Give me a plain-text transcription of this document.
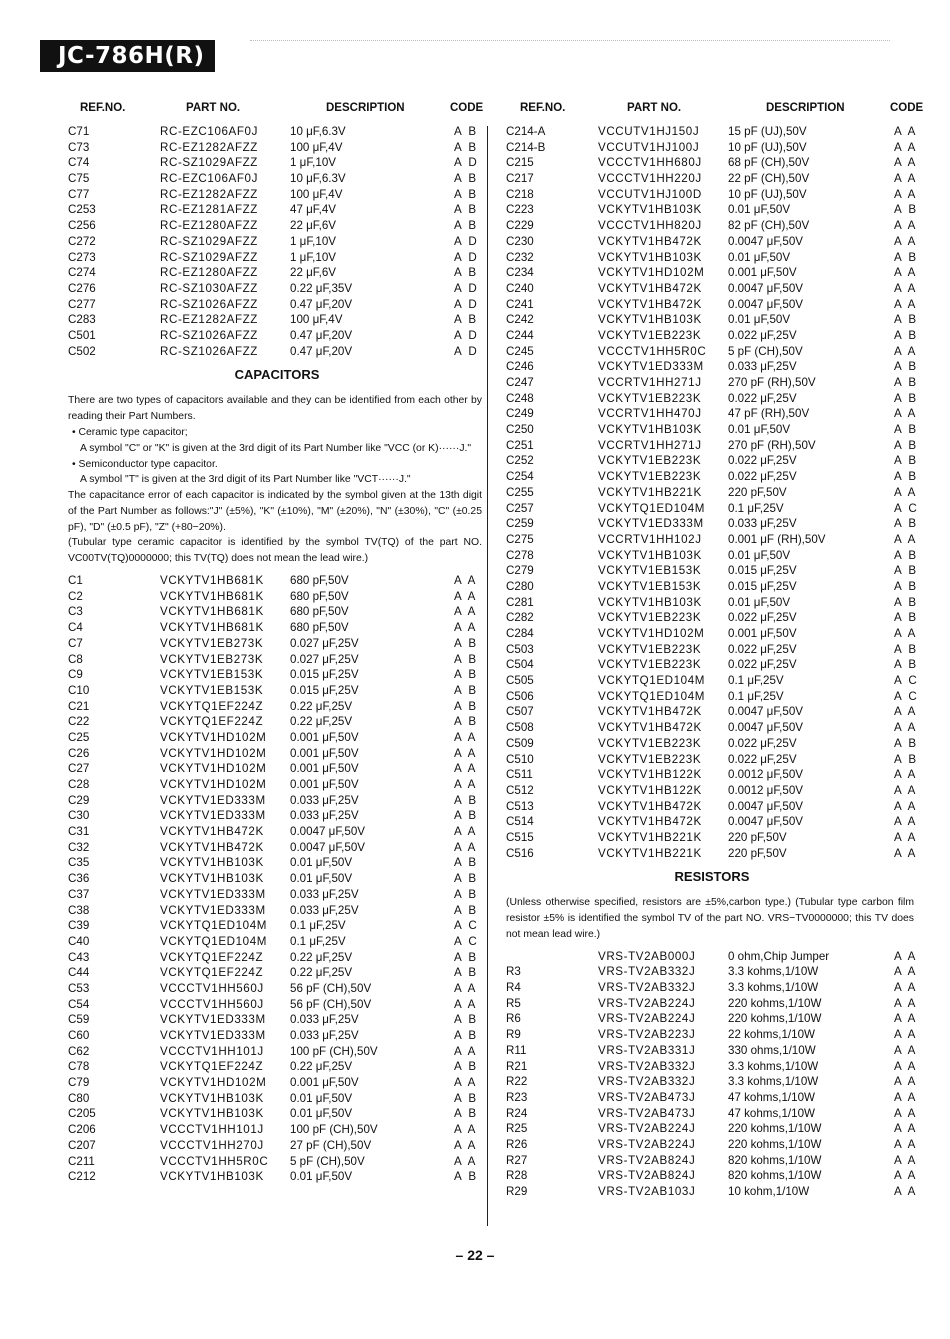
JC-786H(R)
REF.NO.	PART NO.	DESCRIPTION	CODE
C71	RC-EZC106AF0J	10 μF,6.3V	A B
C73	RC-EZ1282AFZZ	100 μF,4V	A B
C74	RC-SZ1029AFZZ	1 μF,10V	A D
C75	RC-EZC106AF0J	10 μF,6.3V	A B
C77	RC-EZ1282AFZZ	100 μF,4V	A B
C253	RC-EZ1281AFZZ	47 μF,4V	A B
C256	RC-EZ1280AFZZ	22 μF,6V	A B
C272	RC-SZ1029AFZZ	1 μF,10V	A D
C273	RC-SZ1029AFZZ	1 μF,10V	A D
C274	RC-EZ1280AFZZ	22 μF,6V	A B
C276	RC-SZ1030AFZZ	0.22 μF,35V	A D
C277	RC-SZ1026AFZZ	0.47 μF,20V	A D
C283	RC-EZ1282AFZZ	100 μF,4V	A B
C501	RC-SZ1026AFZZ	0.47 μF,20V	A D
C502	RC-SZ1026AFZZ	0.47 μF,20V	A D
CAPACITORS

There are two types of capacitors available and they can be identified from each other by reading their Part Numbers.

• Ceramic type capacitor;

A symbol "C" or "K" is given at the 3rd digit of its Part Number like "VCC (or K)······J."

• Semiconductor type capacitor.

A symbol "T" is given at the 3rd digit of its Part Number like "VCT······J."

The capacitance error of each capacitor is indicated by the symbol given at the 13th digit of the Part Number as follows:"J" (±5%), "K" (±10%), "M" (±20%), "N" (±30%), "C" (±0.25 pF), "D" (±0.5 pF), "Z" (+80−20%).

(Tubular type ceramic capacitor is identified by the symbol TV(TQ) of the part NO. VC00TV(TQ)0000000; this TV(TQ) does not mean the lead wire.)

C1	VCKYTV1HB681K 680 pF,50V	A A
C2	VCKYTV1HB681K 680 pF,50V	A A
C3	VCKYTV1HB681K 680 pF,50V	A A
C4	VCKYTV1HB681K 680 pF,50V	A A
C7	VCKYTV1EB273K 0.027 μF,25V	A B
C8	VCKYTV1EB273K 0.027 μF,25V	A B
C9	VCKYTV1EB153K 0.015 μF,25V	A B
C10	VCKYTV1EB153K 0.015 μF,25V	A B
C21	VCKYTQ1EF224Z 0.22 μF,25V	A B
C22	VCKYTQ1EF224Z 0.22 μF,25V	A B
C25	VCKYTV1HD102M 0.001 μF,50V	A A
C26	VCKYTV1HD102M 0.001 μF,50V	A A
C27	VCKYTV1HD102M 0.001 μF,50V	A A
C28	VCKYTV1HD102M 0.001 μF,50V	A A
C29	VCKYTV1ED333M 0.033 μF,25V	A B
C30	VCKYTV1ED333M 0.033 μF,25V	A B
C31	VCKYTV1HB472K 0.0047 μF,50V	A A
C32	VCKYTV1HB472K 0.0047 μF,50V	A A
C35	VCKYTV1HB103K 0.01 μF,50V	A B
C36	VCKYTV1HB103K 0.01 μF,50V	A B
C37	VCKYTV1ED333M 0.033 μF,25V	A B
C38	VCKYTV1ED333M 0.033 μF,25V	A B
C39	VCKYTQ1ED104M 0.1 μF,25V	A C
C40	VCKYTQ1ED104M 0.1 μF,25V	A C
C43	VCKYTQ1EF224Z 0.22 μF,25V	A B
C44	VCKYTQ1EF224Z 0.22 μF,25V	A B
C53	VCCCTV1HH560J 56 pF (CH),50V	A A
C54	VCCCTV1HH560J 56 pF (CH),50V	A A
C59	VCKYTV1ED333M 0.033 μF,25V	A B
C60	VCKYTV1ED333M 0.033 μF,25V	A B
C62	VCCCTV1HH101J 100 pF (CH),50V	A A
C78	VCKYTQ1EF224Z 0.22 μF,25V	A B
C79	VCKYTV1HD102M 0.001 μF,50V	A A
C80	VCKYTV1HB103K 0.01 μF,50V	A B
C205	VCKYTV1HB103K 0.01 μF,50V	A B
C206	VCCCTV1HH101J 100 pF (CH),50V	A A
C207	VCCCTV1HH270J 27 pF (CH),50V	A A
C211	VCCCTV1HH5R0C 5 pF (CH),50V	A A
C212	VCKYTV1HB103K 0.01 μF,50V	A B
REF.NO.	PART NO.	DESCRIPTION	CODE
C214-A	VCCUTV1HJ150J 15 pF (UJ),50V	A A
C214-B	VCCUTV1HJ100J 10 pF (UJ),50V	A A
C215	VCCCTV1HH680J 68 pF (CH),50V	A A
C217	VCCCTV1HH220J 22 pF (CH),50V	A A
C218	VCCUTV1HJ100D 10 pF (UJ),50V	A A
C223	VCKYTV1HB103K 0.01 μF,50V	A B
C229	VCCCTV1HH820J 82 pF (CH),50V	A A
C230	VCKYTV1HB472K 0.0047 μF,50V	A A
C232	VCKYTV1HB103K 0.01 μF,50V	A B
C234	VCKYTV1HD102M 0.001 μF,50V	A A
C240	VCKYTV1HB472K 0.0047 μF,50V	A A
C241	VCKYTV1HB472K 0.0047 μF,50V	A A
C242	VCKYTV1HB103K 0.01 μF,50V	A B
C244	VCKYTV1EB223K 0.022 μF,25V	A B
C245	VCCCTV1HH5R0C 5 pF (CH),50V	A A
C246	VCKYTV1ED333M 0.033 μF,25V	A B
C247	VCCRTV1HH271J 270 pF (RH),50V	A B
C248	VCKYTV1EB223K 0.022 μF,25V	A B
C249	VCCRTV1HH470J 47 pF (RH),50V	A A
C250	VCKYTV1HB103K 0.01 μF,50V	A B
C251	VCCRTV1HH271J 270 pF (RH),50V	A B
C252	VCKYTV1EB223K 0.022 μF,25V	A B
C254	VCKYTV1EB223K 0.022 μF,25V	A B
C255	VCKYTV1HB221K 220 pF,50V	A A
C257	VCKYTQ1ED104M 0.1 μF,25V	A C
C259	VCKYTV1ED333M 0.033 μF,25V	A B
C275	VCCRTV1HH102J 0.001 μF (RH),50V	A A
C278	VCKYTV1HB103K 0.01 μF,50V	A B
C279	VCKYTV1EB153K 0.015 μF,25V	A B
C280	VCKYTV1EB153K 0.015 μF,25V	A B
C281	VCKYTV1HB103K 0.01 μF,50V	A B
C282	VCKYTV1EB223K 0.022 μF,25V	A B
C284	VCKYTV1HD102M 0.001 μF,50V	A A
C503	VCKYTV1EB223K 0.022 μF,25V	A B
C504	VCKYTV1EB223K 0.022 μF,25V	A B
C505	VCKYTQ1ED104M 0.1 μF,25V	A C
C506	VCKYTQ1ED104M 0.1 μF,25V	A C
C507	VCKYTV1HB472K 0.0047 μF,50V	A A
C508	VCKYTV1HB472K 0.0047 μF,50V	A A
C509	VCKYTV1EB223K 0.022 μF,25V	A B
C510	VCKYTV1EB223K 0.022 μF,25V	A B
C511	VCKYTV1HB122K 0.0012 μF,50V	A A
C512	VCKYTV1HB122K 0.0012 μF,50V	A A
C513	VCKYTV1HB472K 0.0047 μF,50V	A A
C514	VCKYTV1HB472K 0.0047 μF,50V	A A
C515	VCKYTV1HB221K 220 pF,50V	A A
C516	VCKYTV1HB221K 220 pF,50V	A A
RESISTORS
(Unless otherwise specified, resistors are ±5%,carbon type.) (Tubular type carbon film resistor ±5% is identified the symbol TV of the part NO. VRS−TV0000000; this TV does not mean lead wire.)
VRS-TV2AB000J	0 ohm,Chip Jumper	A A
R3	VRS-TV2AB332J	3.3 kohms,1/10W	A A
R4	VRS-TV2AB332J	3.3 kohms,1/10W	A A
R5	VRS-TV2AB224J	220 kohms,1/10W	A A
R6	VRS-TV2AB224J	220 kohms,1/10W	A A
R9	VRS-TV2AB223J	22 kohms,1/10W	A A
R11	VRS-TV2AB331J	330 ohms,1/10W	A A
R21	VRS-TV2AB332J	3.3 kohms,1/10W	A A
R22	VRS-TV2AB332J	3.3 kohms,1/10W	A A
R23	VRS-TV2AB473J	47 kohms,1/10W	A A
R24	VRS-TV2AB473J	47 kohms,1/10W	A A
R25	VRS-TV2AB224J	220 kohms,1/10W	A A
R26	VRS-TV2AB224J	220 kohms,1/10W	A A
R27	VRS-TV2AB824J	820 kohms,1/10W	A A
R28	VRS-TV2AB824J	820 kohms,1/10W	A A
R29	VRS-TV2AB103J	10 kohm,1/10W	A A
– 22 –
